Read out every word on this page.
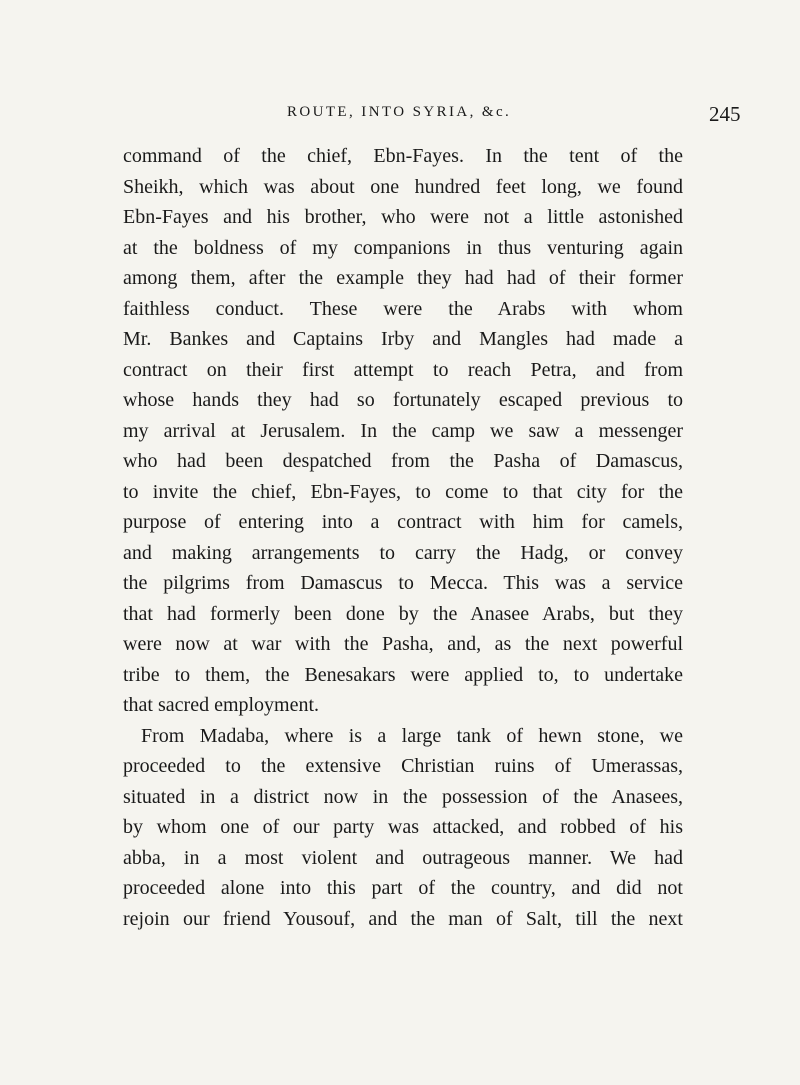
ROUTE, INTO SYRIA, &c.	245
command of the chief, Ebn-Fayes. In the tent of the
Sheikh, which was about one hundred feet long, we found
Ebn-Fayes and his brother, who were not a little astonished
at the boldness of my companions in thus venturing again
among them, after the example they had had of their former
faithless conduct. These were the Arabs with whom
Mr. Bankes and Captains Irby and Mangles had made a
contract on their first attempt to reach Petra, and from
whose hands they had so fortunately escaped previous to
my arrival at Jerusalem. In the camp we saw a messenger
who had been despatched from the Pasha of Damascus,
to invite the chief, Ebn-Fayes, to come to that city for the
purpose of entering into a contract with him for camels,
and making arrangements to carry the Hadg, or convey
the pilgrims from Damascus to Mecca. This was a service
that had formerly been done by the Anasee Arabs, but they
were now at war with the Pasha, and, as the next powerful
tribe to them, the Benesakars were applied to, to undertake
that sacred employment.
From Madaba, where is a large tank of hewn stone, we
proceeded to the extensive Christian ruins of Umerassas,
situated in a district now in the possession of the Anasees,
by whom one of our party was attacked, and robbed of his
abba, in a most violent and outrageous manner. We had
proceeded alone into this part of the country, and did not
rejoin our friend Yousouf, and the man of Salt, till the next
